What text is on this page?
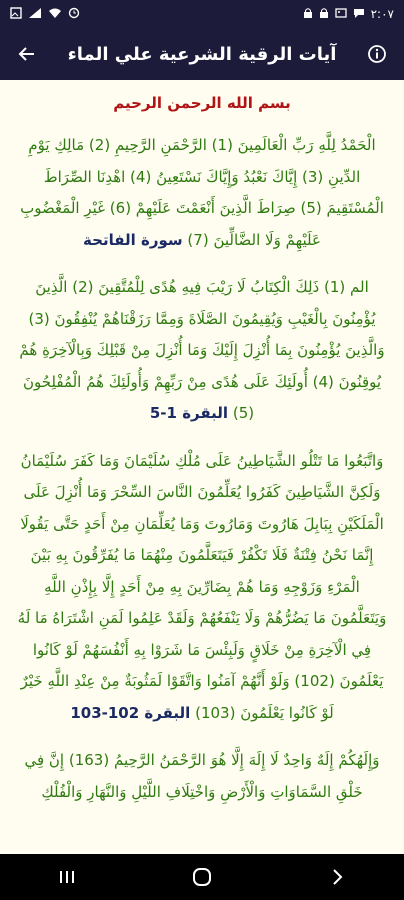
٢:٠٧
آيات الرقية الشرعية علي الماء
بسم الله الرحمن الرحيم
الْحَمْدُ لِلَّهِ رَبِّ الْعَالَمِينَ (1) الرَّحْمَنِ الرَّحِيمِ (2) مَالِكِ يَوْمِ الدِّينِ (3) إِيَّاكَ نَعْبُدُ وَإِيَّاكَ نَسْتَعِينُ (4) اهْدِنَا الصِّرَاطَ الْمُسْتَقِيمَ (5) صِرَاطَ الَّذِينَ أَنْعَمْتَ عَلَيْهِمْ (6) غَيْرِ الْمَغْضُوبِ عَلَيْهِمْ وَلَا الضَّالِّينَ (7) سورة الفاتحة
الم (1) ذَلِكَ الْكِتَابُ لَا رَيْبَ فِيهِ هُدًى لِلْمُتَّقِينَ (2) الَّذِينَ يُؤْمِنُونَ بِالْغَيْبِ وَيُقِيمُونَ الصَّلَاةَ وَمِمَّا رَزَقْنَاهُمْ يُنْفِقُونَ (3) وَالَّذِينَ يُؤْمِنُونَ بِمَا أُنْزِلَ إِلَيْكَ وَمَا أُنْزِلَ مِنْ قَبْلِكَ وَبِالْآخِرَةِ هُمْ يُوقِنُونَ (4) أُولَئِكَ عَلَى هُدًى مِنْ رَبِّهِمْ وَأُولَئِكَ هُمُ الْمُفْلِحُونَ (5) البقرة 1-5
وَاتَّبَعُوا مَا تَتْلُو الشَّيَاطِينُ عَلَى مُلْكِ سُلَيْمَانَ وَمَا كَفَرَ سُلَيْمَانُ وَلَكِنَّ الشَّيَاطِينَ كَفَرُوا يُعَلِّمُونَ النَّاسَ السِّحْرَ وَمَا أُنْزِلَ عَلَى الْمَلَكَيْنِ بِبَابِلَ هَارُوتَ وَمَارُوتَ وَمَا يُعَلِّمَانِ مِنْ أَحَدٍ حَتَّى يَقُولَا إِنَّمَا نَحْنُ فِتْنَةٌ فَلَا تَكْفُرْ فَيَتَعَلَّمُونَ مِنْهُمَا مَا يُفَرِّقُونَ بِهِ بَيْنَ الْمَرْءِ وَزَوْجِهِ وَمَا هُمْ بِضَارِّينَ بِهِ مِنْ أَحَدٍ إِلَّا بِإِذْنِ اللَّهِ وَيَتَعَلَّمُونَ مَا يَضُرُّهُمْ وَلَا يَنْفَعُهُمْ وَلَقَدْ عَلِمُوا لَمَنِ اشْتَرَاهُ مَا لَهُ فِي الْآخِرَةِ مِنْ خَلَاقٍ وَلَبِئْسَ مَا شَرَوْا بِهِ أَنْفُسَهُمْ لَوْ كَانُوا يَعْلَمُونَ (102) وَلَوْ أَنَّهُمْ آمَنُوا وَاتَّقَوْا لَمَثُوبَةٌ مِنْ عِنْدِ اللَّهِ خَيْرٌ لَوْ كَانُوا يَعْلَمُونَ (103) البقرة 102-103
وَإِلَهُكُمْ إِلَهٌ وَاحِدٌ لَا إِلَهَ إِلَّا هُوَ الرَّحْمَنُ الرَّحِيمُ (163) إِنَّ فِي خَلْقِ السَّمَاوَاتِ وَالْأَرْضِ وَاخْتِلَافِ اللَّيْلِ وَالنَّهَارِ وَالْفُلْكِ
